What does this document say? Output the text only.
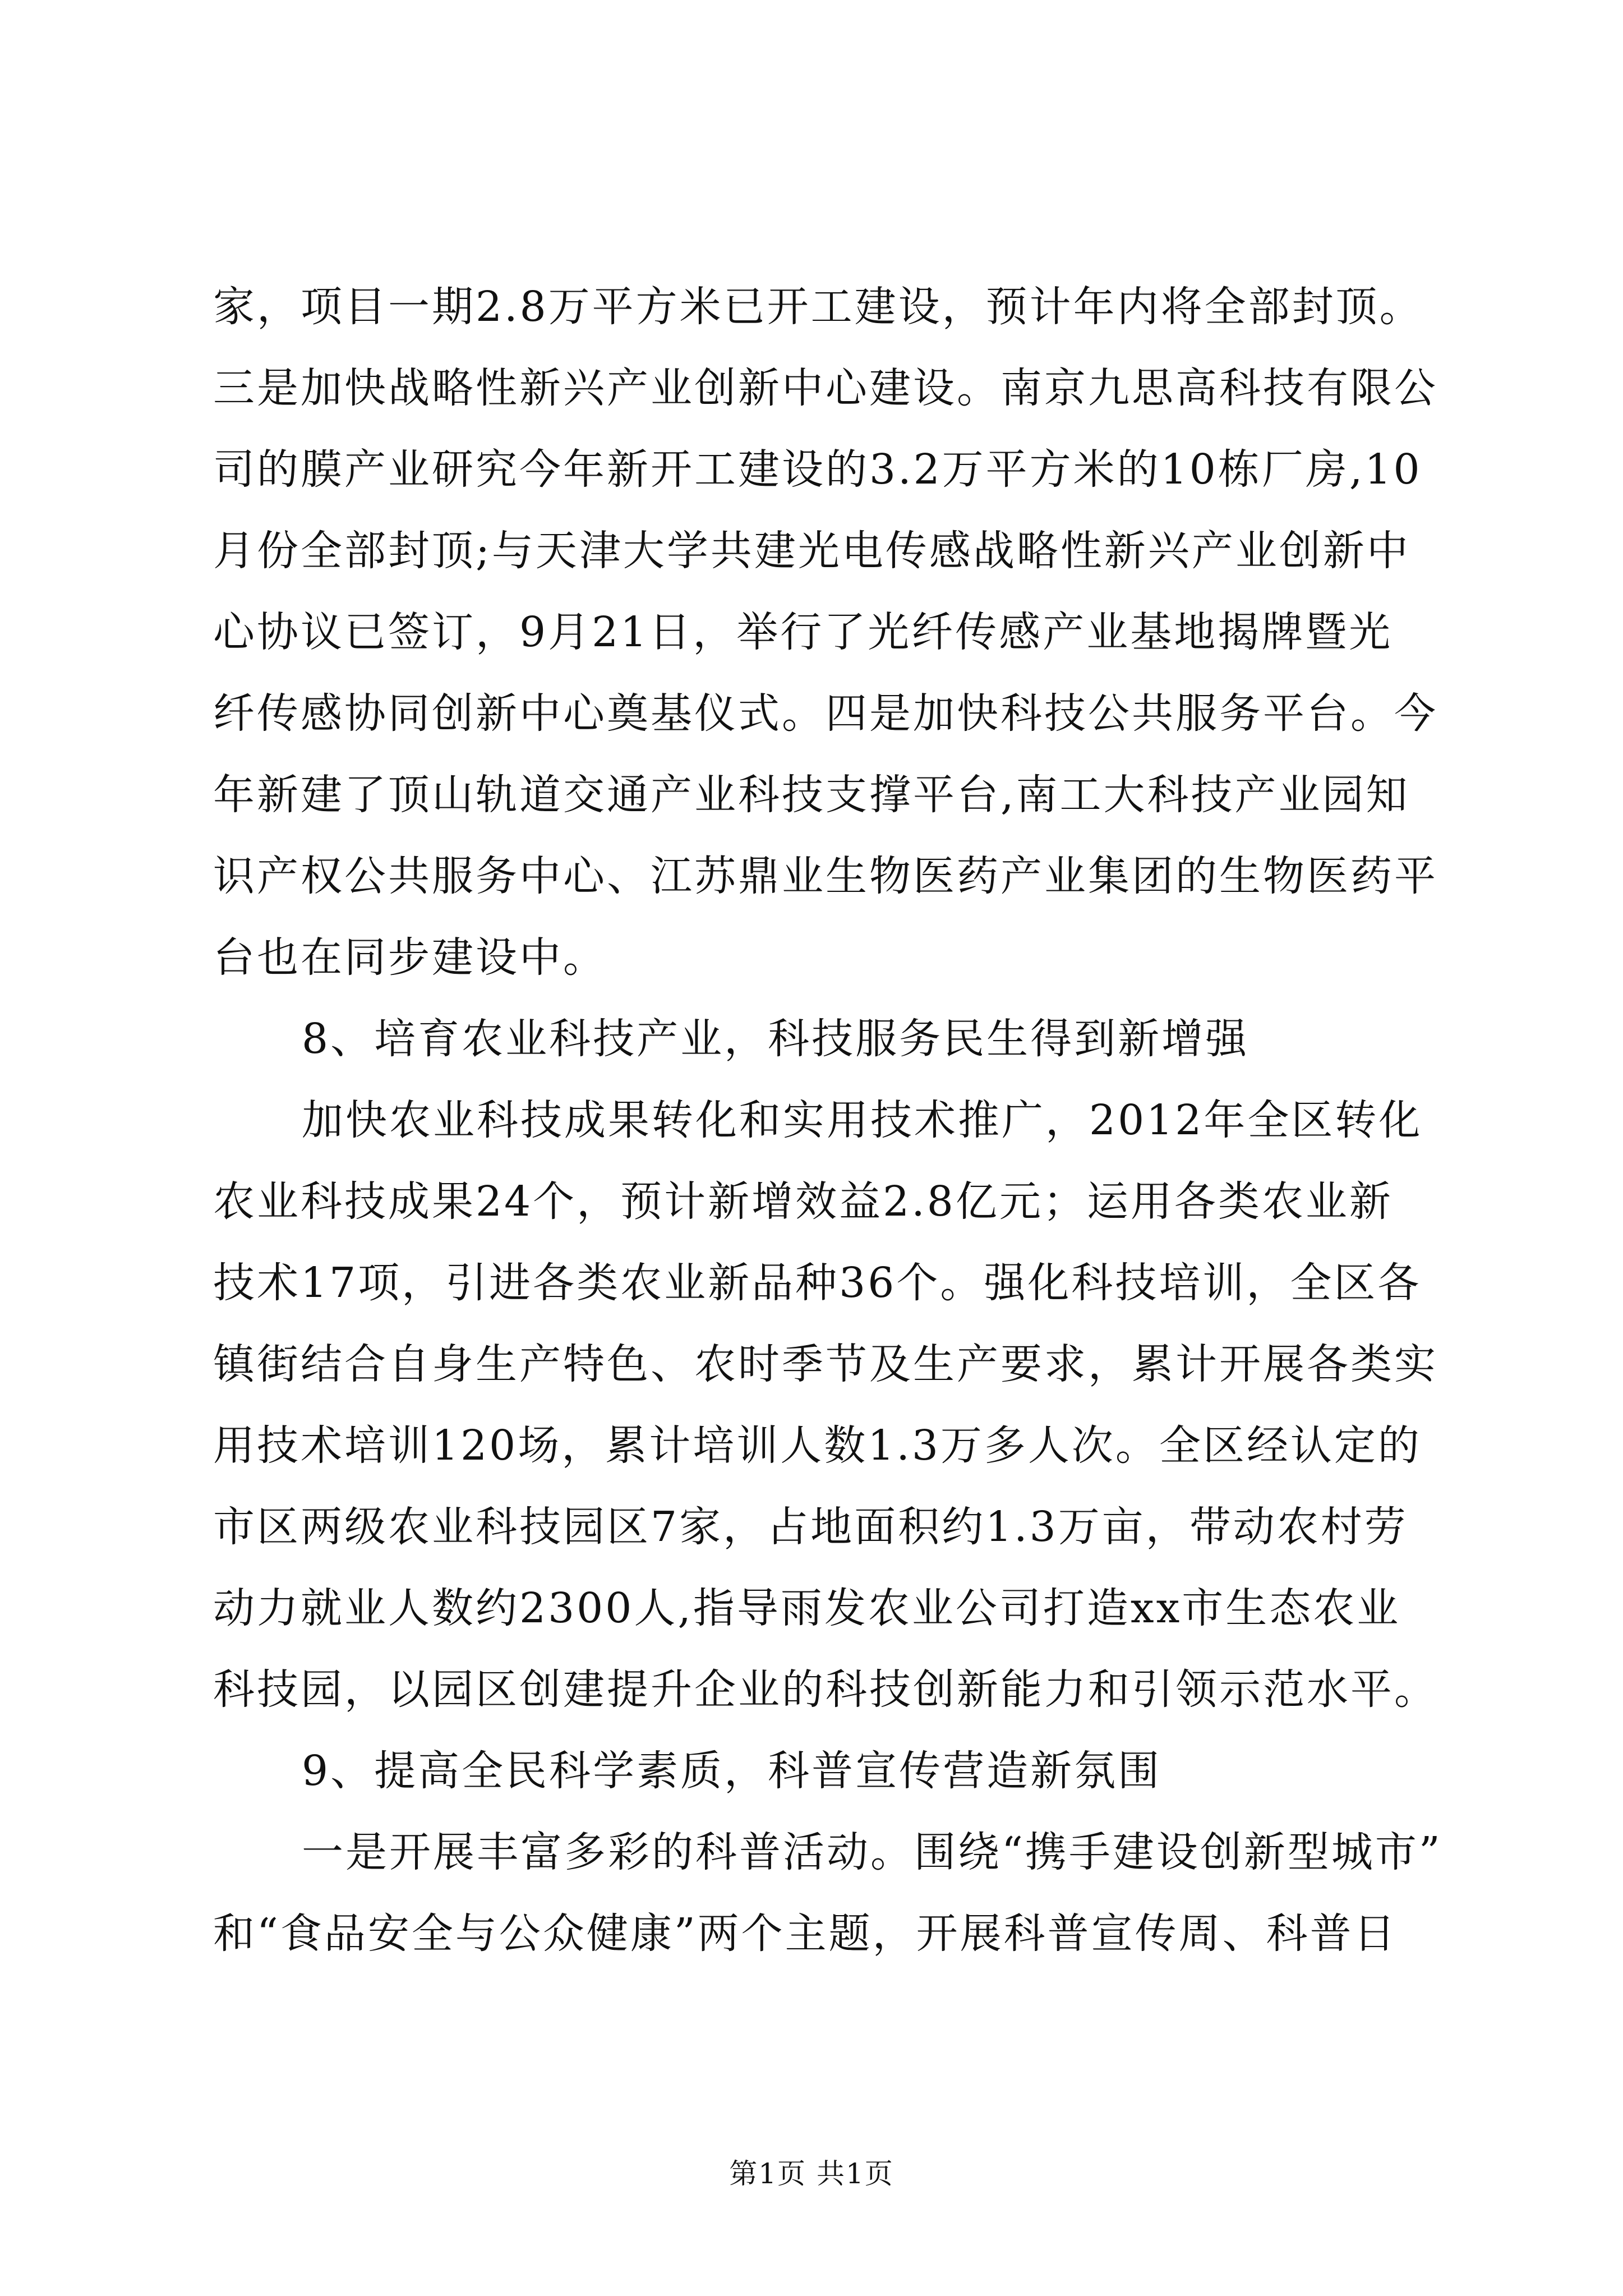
家，项目一期2.8万平方米已开工建设，预计年内将全部封顶。
三是加快战略性新兴产业创新中心建设。南京九思高科技有限公
司的膜产业研究今年新开工建设的3.2万平方米的10栋厂房,10
月份全部封顶;与天津大学共建光电传感战略性新兴产业创新中
心协议已签订，9月21日，举行了光纤传感产业基地揭牌暨光
纤传感协同创新中心奠基仪式。四是加快科技公共服务平台。今
年新建了顶山轨道交通产业科技支撑平台,南工大科技产业园知
识产权公共服务中心、江苏鼎业生物医药产业集团的生物医药平
台也在同步建设中。
8、培育农业科技产业，科技服务民生得到新增强
加快农业科技成果转化和实用技术推广，2012年全区转化
农业科技成果24个，预计新增效益2.8亿元；运用各类农业新
技术17项，引进各类农业新品种36个。强化科技培训，全区各
镇街结合自身生产特色、农时季节及生产要求，累计开展各类实
用技术培训120场，累计培训人数1.3万多人次。全区经认定的
市区两级农业科技园区7家，占地面积约1.3万亩，带动农村劳
动力就业人数约2300人,指导雨发农业公司打造xx市生态农业
科技园，以园区创建提升企业的科技创新能力和引领示范水平。
9、提高全民科学素质，科普宣传营造新氛围
一是开展丰富多彩的科普活动。围绕“携手建设创新型城市”
和“食品安全与公众健康”两个主题，开展科普宣传周、科普日
第1页 共1页
